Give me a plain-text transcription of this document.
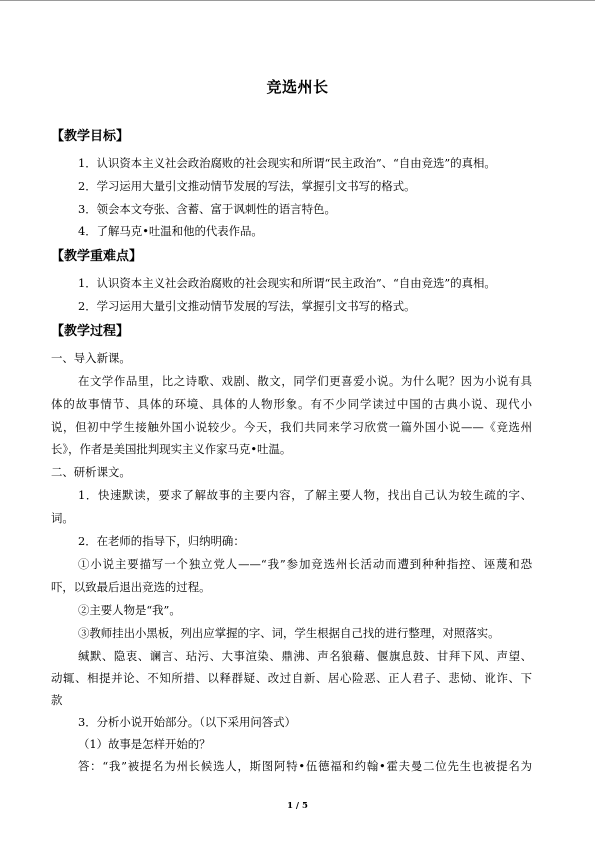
竞选州长
【教学目标】
1．认识资本主义社会政治腐败的社会现实和所谓“民主政治”、“自由竞选”的真相。
2．学习运用大量引文推动情节发展的写法，掌握引文书写的格式。
3．领会本文夸张、含蓄、富于讽刺性的语言特色。
4．了解马克•吐温和他的代表作品。
【教学重难点】
1．认识资本主义社会政治腐败的社会现实和所谓“民主政治”、“自由竞选”的真相。
2．学习运用大量引文推动情节发展的写法，掌握引文书写的格式。
【教学过程】
一、导入新课。
在文学作品里，比之诗歌、戏剧、散文，同学们更喜爱小说。为什么呢？因为小说有具
体的故事情节、具体的环境、具体的人物形象。有不少同学读过中国的古典小说、现代小
说，但初中学生接触外国小说较少。今天，我们共同来学习欣赏一篇外国小说——《竞选州
长》，作者是美国批判现实主义作家马克•吐温。
二、研析课文。
1．快速默读，要求了解故事的主要内容，了解主要人物，找出自己认为较生疏的字、
词。
2．在老师的指导下，归纳明确：
①小说主要描写一个独立党人——“我”参加竞选州长活动而遭到种种指控、诬蔑和恐
吓，以致最后退出竞选的过程。
②主要人物是“我”。
③教师挂出小黑板，列出应掌握的字、词，学生根据自己找的进行整理，对照落实。
缄默、隐衷、谰言、玷污、大事渲染、鼎沸、声名狼藉、偃旗息鼓、甘拜下风、声望、
动辄、相提并论、不知所措、以释群疑、改过自新、居心险恶、正人君子、悲恸、讹诈、下
款
3．分析小说开始部分。（以下采用问答式）
（1）故事是怎样开始的？
答：“我”被提名为州长候选人，斯图阿特•伍德福和约翰•霍夫曼二位先生也被提名为
1 / 5
